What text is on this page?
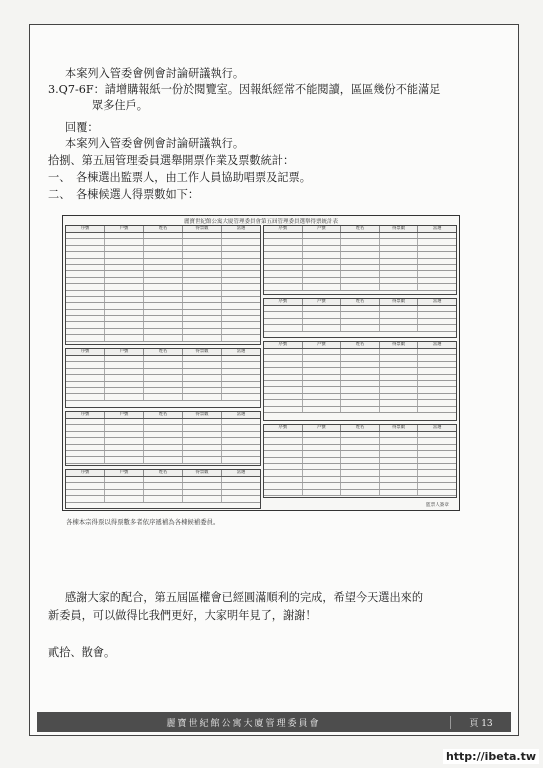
本案列入管委會例會討論研議執行。
3.Q7-6F：請增購報紙一份於閱覽室。因報紙經常不能閱讀，區區幾份不能滿足
眾多住戶。
回覆：
本案列入管委會例會討論研議執行。
拾捌、第五屆管理委員選舉開票作業及票數統計：
一、　各棟選出監票人，由工作人員協助唱票及記票。
二、　各棟候選人得票數如下：
麗寶世紀館公寓大廈管理委員會第五屆管理委員選舉得票統計表
序號	戶號	姓名	得票數	當選	序號	戶號	姓名	得票數	當選
序號	戶號	姓名	得票數	當選
序號	戶號	姓名	得票數	當選
序號	戶號	姓名	得票數	當選
序號	戶號	姓名	得票數	當選
序號	戶號	姓名	得票數	當選
序號	戶號	姓名	得票數	當選
監票人簽章
各棟本宗得票以得票數多者依序遞補為各棟候補委員。
感謝大家的配合，第五屆區權會已經圓滿順利的完成，希望今天選出來的
新委員，可以做得比我們更好，大家明年見了，謝謝！
貳拾、散會。
麗寶世紀館公寓大廈管理委員會	頁 13
http://ibeta.tw
